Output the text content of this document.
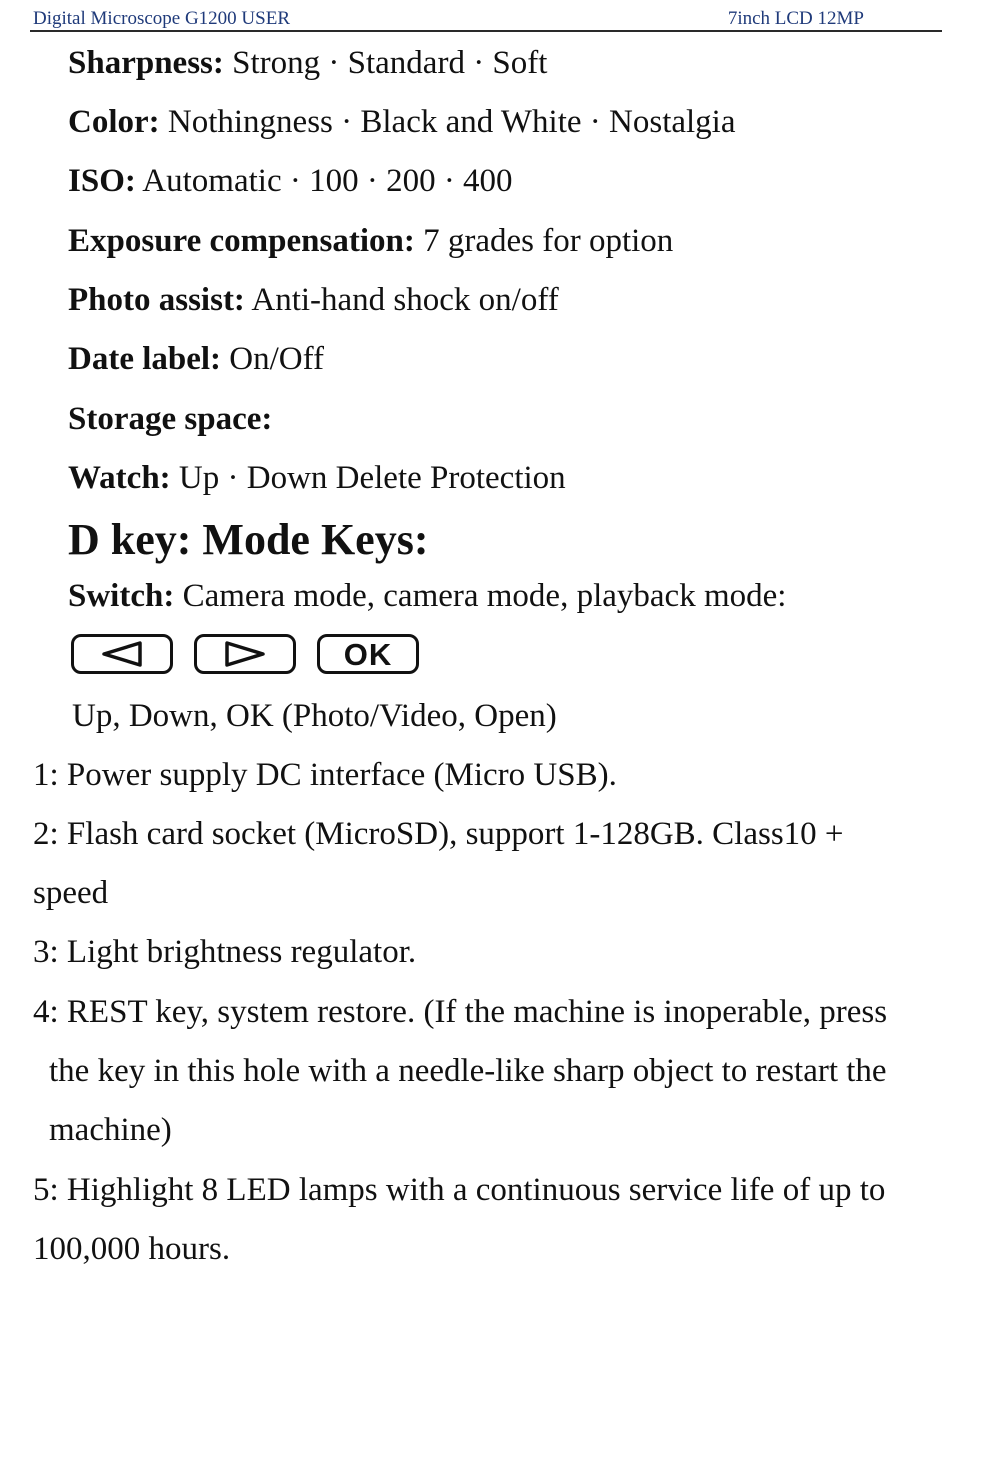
Digital Microscope G1200 USER	7inch LCD 12MP
Sharpness: Strong · Standard · Soft
Color: Nothingness · Black and White · Nostalgia
ISO: Automatic · 100 · 200 · 400
Exposure compensation: 7 grades for option
Photo assist: Anti-hand shock on/off
Date label: On/Off
Storage space:
Watch: Up · Down Delete Protection
D key: Mode Keys:
Switch: Camera mode, camera mode, playback mode:
OK
Up, Down, OK (Photo/Video, Open)
1: Power supply DC interface (Micro USB).
2: Flash card socket (MicroSD), support 1-128GB. Class10 +
speed
3: Light brightness regulator.
4: REST key, system restore. (If the machine is inoperable, press
the key in this hole with a needle-like sharp object to restart the
machine)
5: Highlight 8 LED lamps with a continuous service life of up to
100,000 hours.
